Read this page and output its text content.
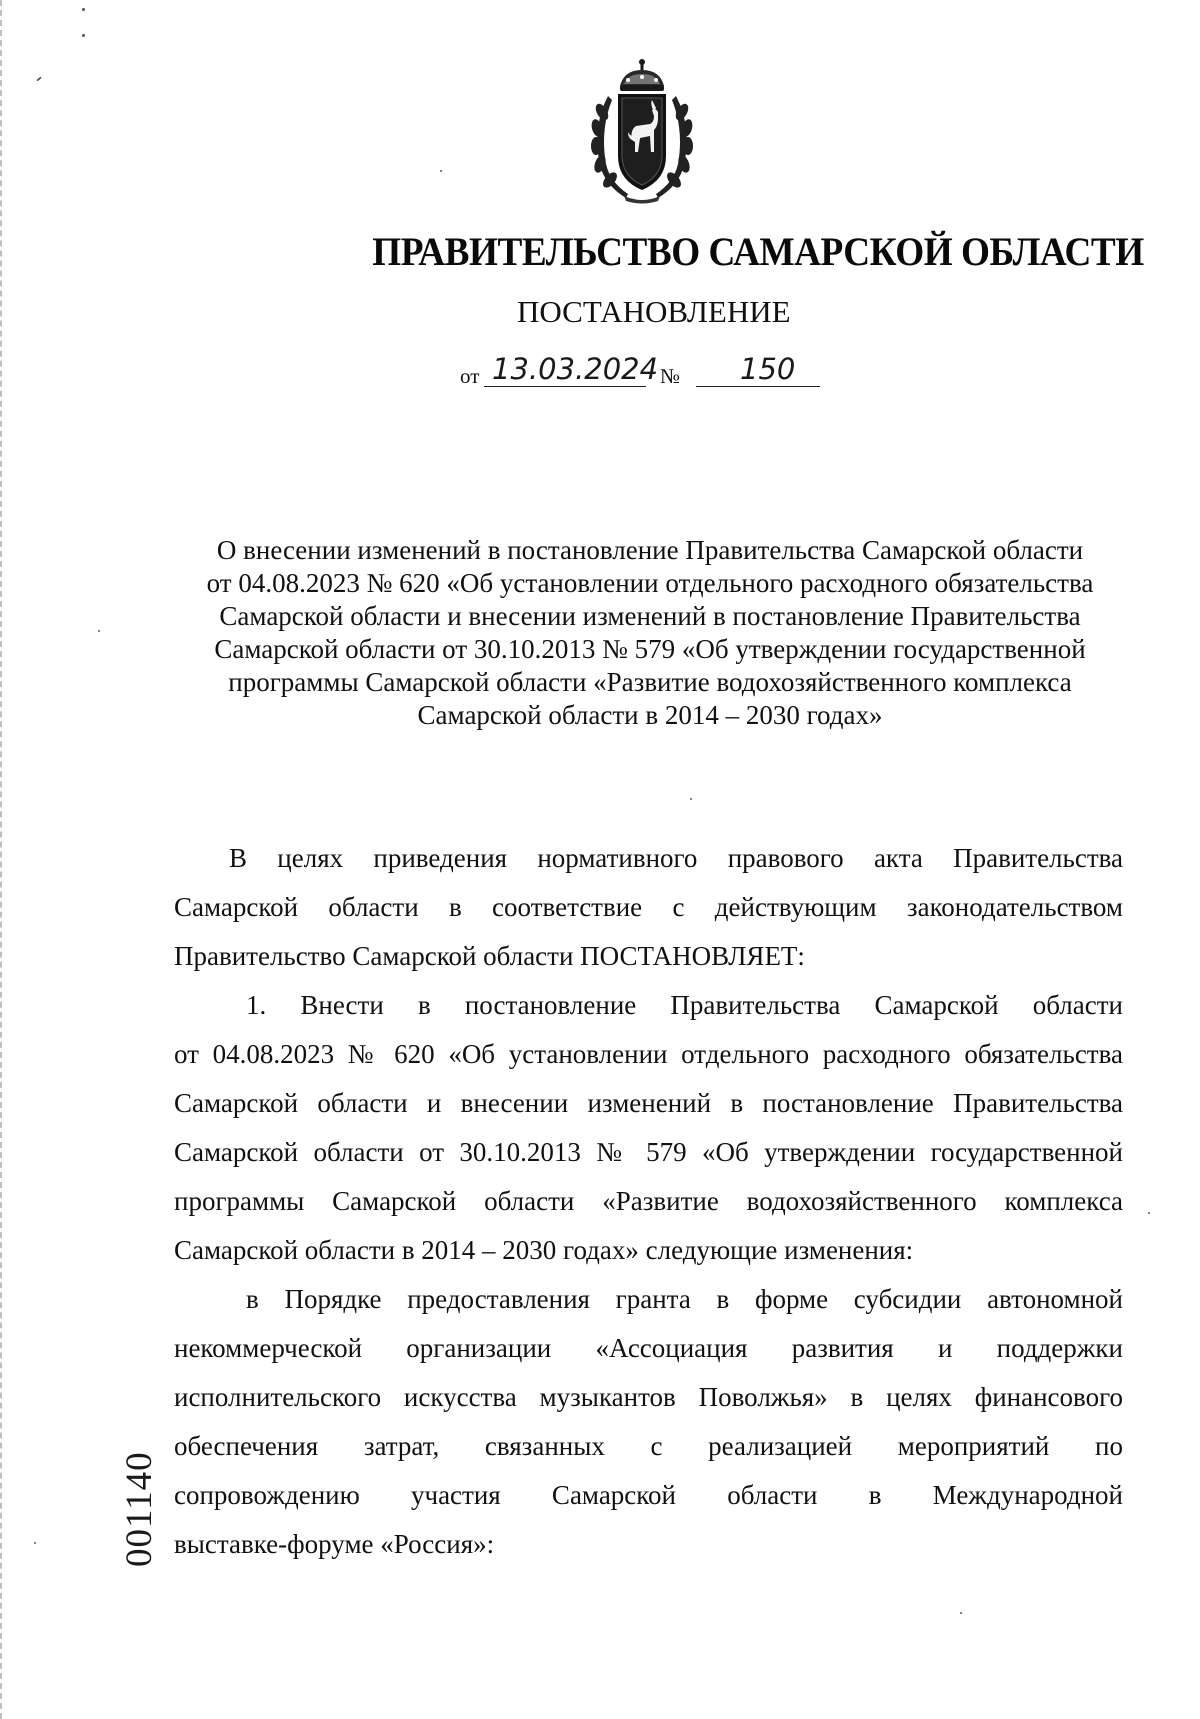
ПРАВИТЕЛЬСТВО САМАРСКОЙ ОБЛАСТИ
ПОСТАНОВЛЕНИЕ
от 13.03.2024 № 150
О внесении изменений в постановление Правительства Самарской области
от 04.08.2023 № 620 «Об установлении отдельного расходного обязательства
Самарской области и внесении изменений в постановление Правительства
Самарской области от 30.10.2013 № 579 «Об утверждении государственной
программы Самарской области «Развитие водохозяйственного комплекса
Самарской области в 2014 – 2030 годах»
В целях приведения нормативного правового акта Правительства
Самарской области в соответствие с действующим законодательством
Правительство Самарской области ПОСТАНОВЛЯЕТ:
1. Внести в постановление Правительства Самарской области
от 04.08.2023 № 620 «Об установлении отдельного расходного обязательства
Самарской области и внесении изменений в постановление Правительства
Самарской области от 30.10.2013 № 579 «Об утверждении государственной
программы Самарской области «Развитие водохозяйственного комплекса
Самарской области в 2014 – 2030 годах» следующие изменения:
в Порядке предоставления гранта в форме субсидии автономной
некоммерческой организации «Ассоциация развития и поддержки
исполнительского искусства музыкантов Поволжья» в целях финансового
обеспечения затрат, связанных с реализацией мероприятий по
сопровождению участия Самарской области в Международной
выставке-форуме «Россия»:
001140
